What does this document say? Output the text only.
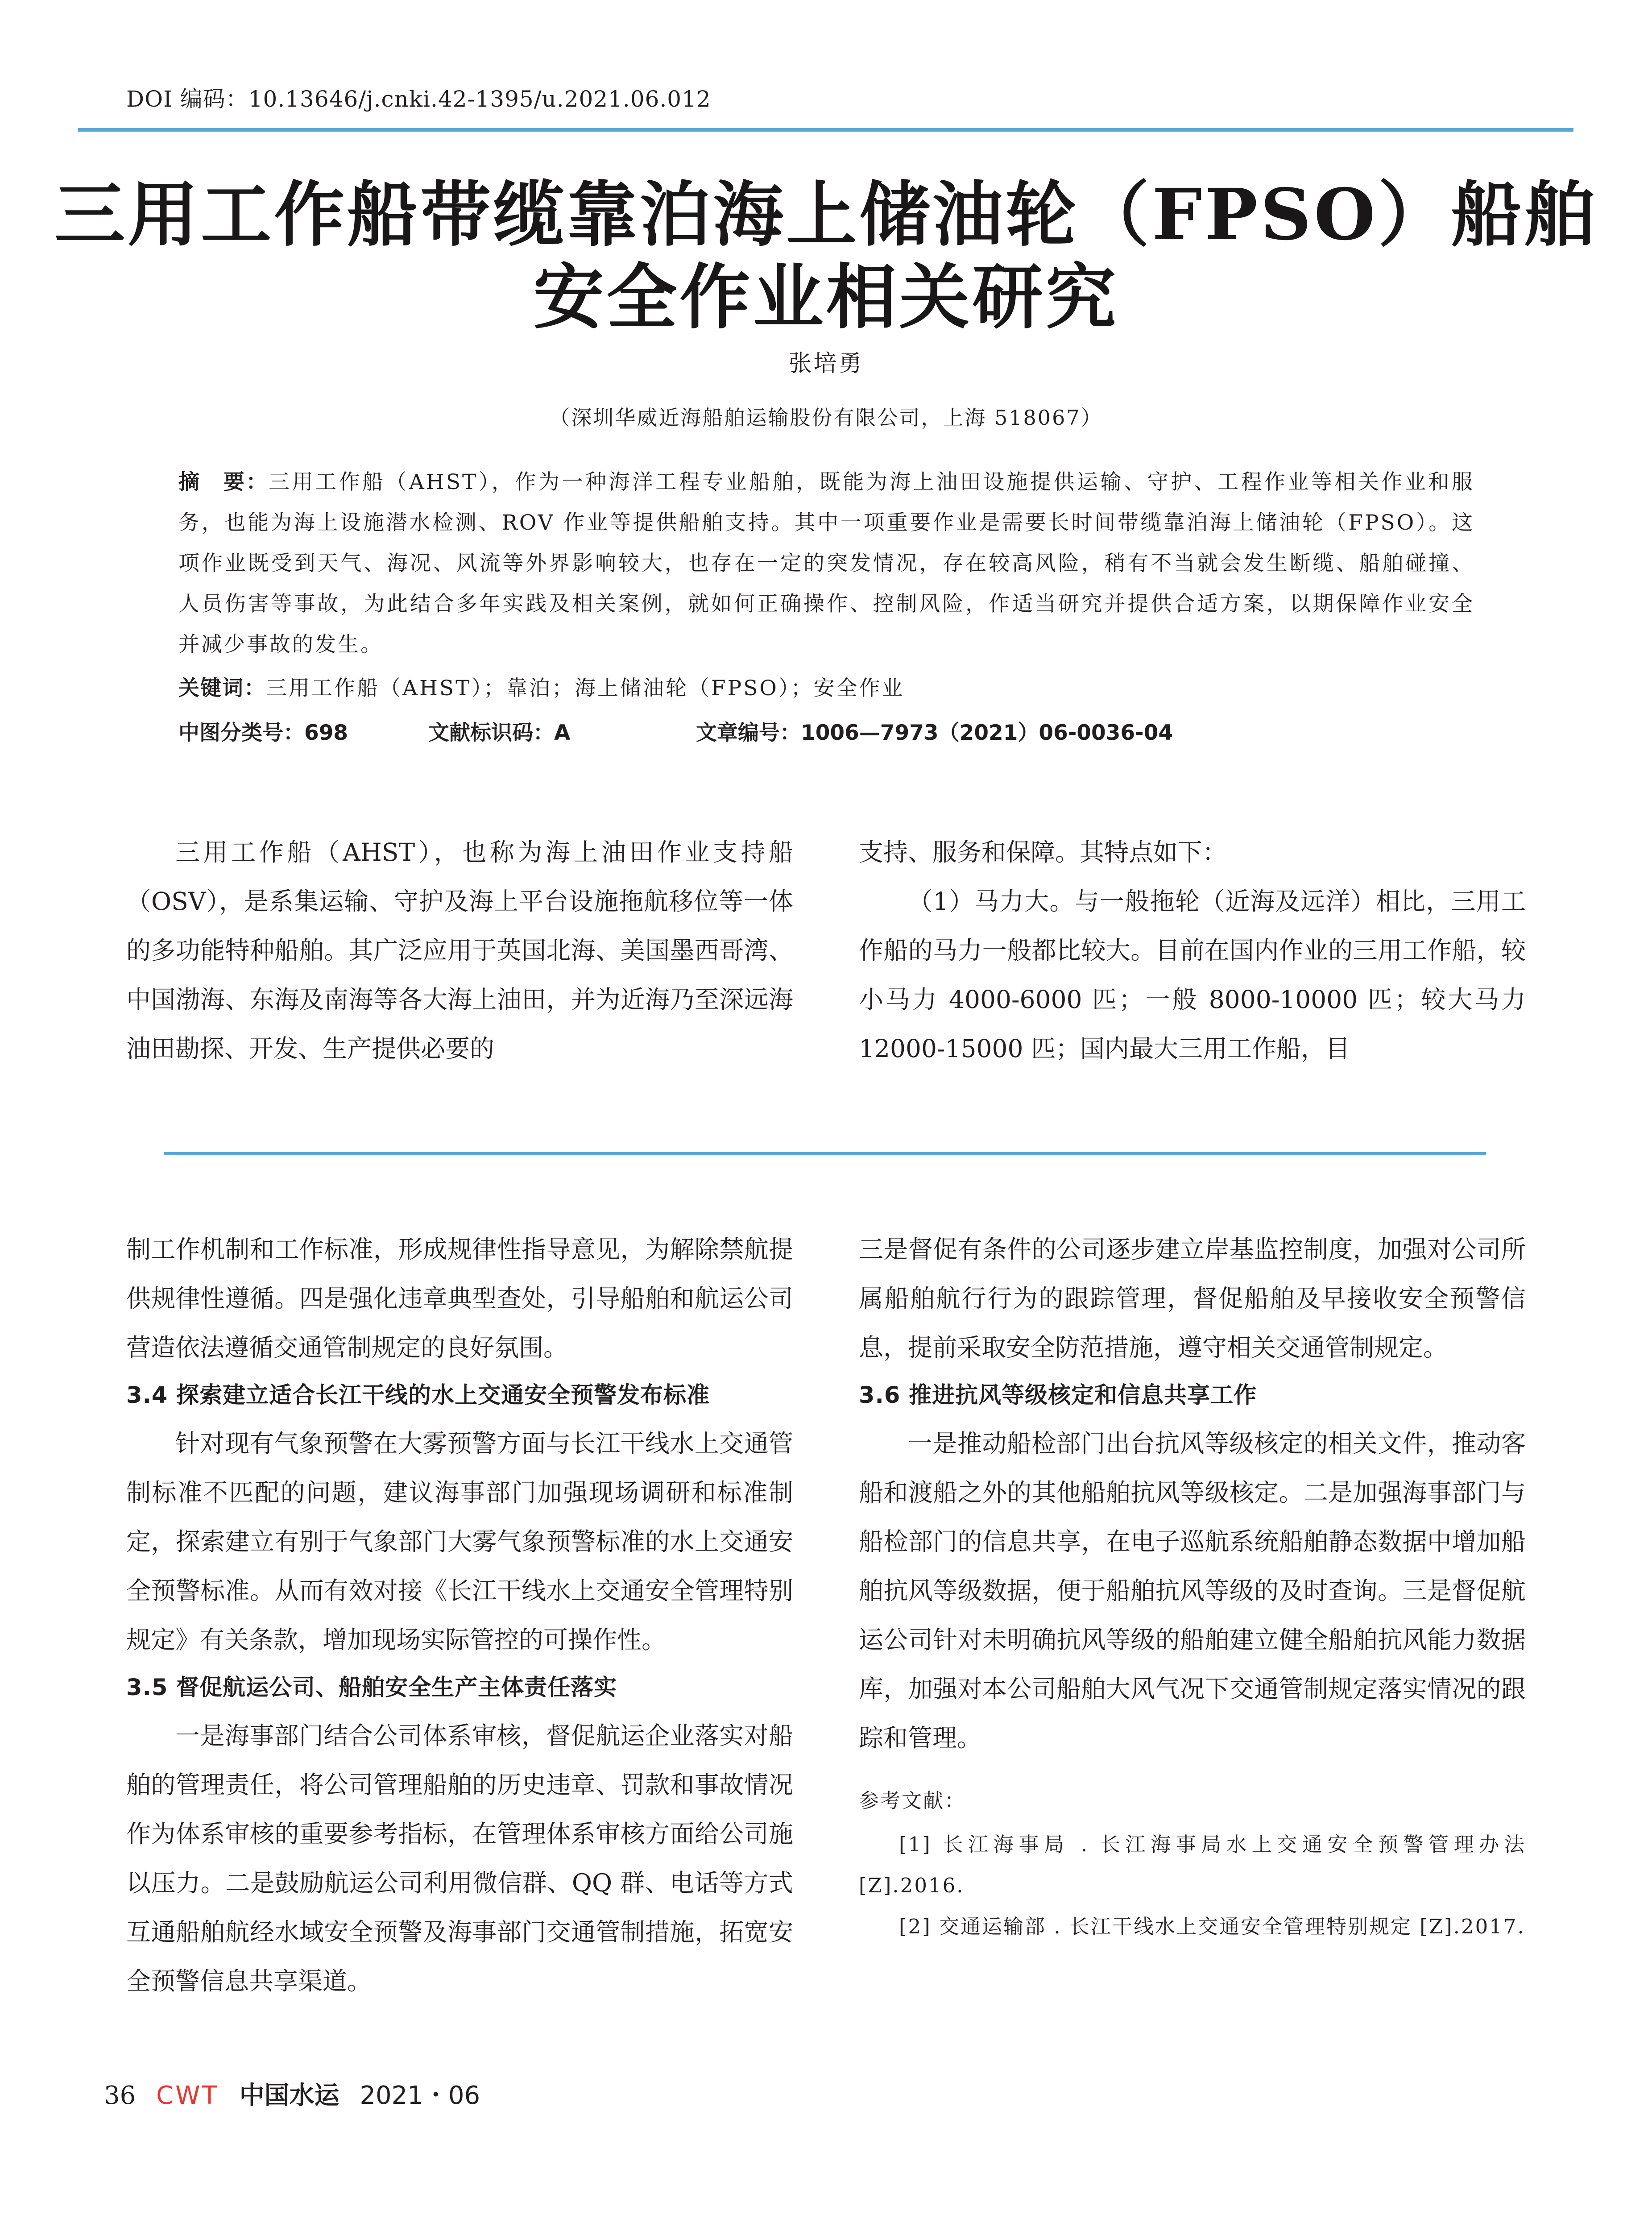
DOI 编码：10.13646/j.cnki.42-1395/u.2021.06.012
三用工作船带缆靠泊海上储油轮（FPSO）船舶
安全作业相关研究
张培勇
（深圳华威近海船舶运输股份有限公司，上海 518067）
摘　要：三用工作船（AHST），作为一种海洋工程专业船舶，既能为海上油田设施提供运输、守护、工程作业等相关作业和服务，也能为海上设施潜水检测、ROV 作业等提供船舶支持。其中一项重要作业是需要长时间带缆靠泊海上储油轮（FPSO）。这项作业既受到天气、海况、风流等外界影响较大，也存在一定的突发情况，存在较高风险，稍有不当就会发生断缆、船舶碰撞、人员伤害等事故，为此结合多年实践及相关案例，就如何正确操作、控制风险，作适当研究并提供合适方案，以期保障作业安全并减少事故的发生。
关键词：三用工作船（AHST）；靠泊；海上储油轮（FPSO）；安全作业
中图分类号：698	文献标识码：A	文章编号：1006—7973（2021）06-0036-04

三用工作船（AHST），也称为海上油田作业支持船（OSV），是系集运输、守护及海上平台设施拖航移位等一体的多功能特种船舶。其广泛应用于英国北海、美国墨西哥湾、中国渤海、东海及南海等各大海上油田，并为近海乃至深远海油田勘探、开发、生产提供必要的

支持、服务和保障。其特点如下：

（1）马力大。与一般拖轮（近海及远洋）相比，三用工作船的马力一般都比较大。目前在国内作业的三用工作船，较小马力 4000-6000 匹；一般 8000-10000 匹；较大马力 12000-15000 匹；国内最大三用工作船，目

制工作机制和工作标准，形成规律性指导意见，为解除禁航提供规律性遵循。四是强化违章典型查处，引导船舶和航运公司营造依法遵循交通管制规定的良好氛围。

3.4 探索建立适合长江干线的水上交通安全预警发布标准

针对现有气象预警在大雾预警方面与长江干线水上交通管制标准不匹配的问题，建议海事部门加强现场调研和标准制定，探索建立有别于气象部门大雾气象预警标准的水上交通安全预警标准。从而有效对接《长江干线水上交通安全管理特别规定》有关条款，增加现场实际管控的可操作性。

3.5 督促航运公司、船舶安全生产主体责任落实

一是海事部门结合公司体系审核，督促航运企业落实对船舶的管理责任，将公司管理船舶的历史违章、罚款和事故情况作为体系审核的重要参考指标，在管理体系审核方面给公司施以压力。二是鼓励航运公司利用微信群、QQ 群、电话等方式互通船舶航经水域安全预警及海事部门交通管制措施，拓宽安全预警信息共享渠道。

三是督促有条件的公司逐步建立岸基监控制度，加强对公司所属船舶航行行为的跟踪管理，督促船舶及早接收安全预警信息，提前采取安全防范措施，遵守相关交通管制规定。

3.6 推进抗风等级核定和信息共享工作

一是推动船检部门出台抗风等级核定的相关文件，推动客船和渡船之外的其他船舶抗风等级核定。二是加强海事部门与船检部门的信息共享，在电子巡航系统船舶静态数据中增加船舶抗风等级数据，便于船舶抗风等级的及时查询。三是督促航运公司针对未明确抗风等级的船舶建立健全船舶抗风能力数据库，加强对本公司船舶大风气况下交通管制规定落实情况的跟踪和管理。

参考文献：

[1] 长江海事局 . 长江海事局水上交通安全预警管理办法 [Z].2016.

[2] 交通运输部 . 长江干线水上交通安全管理特别规定 [Z].2017.

36 CWT 中国水运 2021・06
